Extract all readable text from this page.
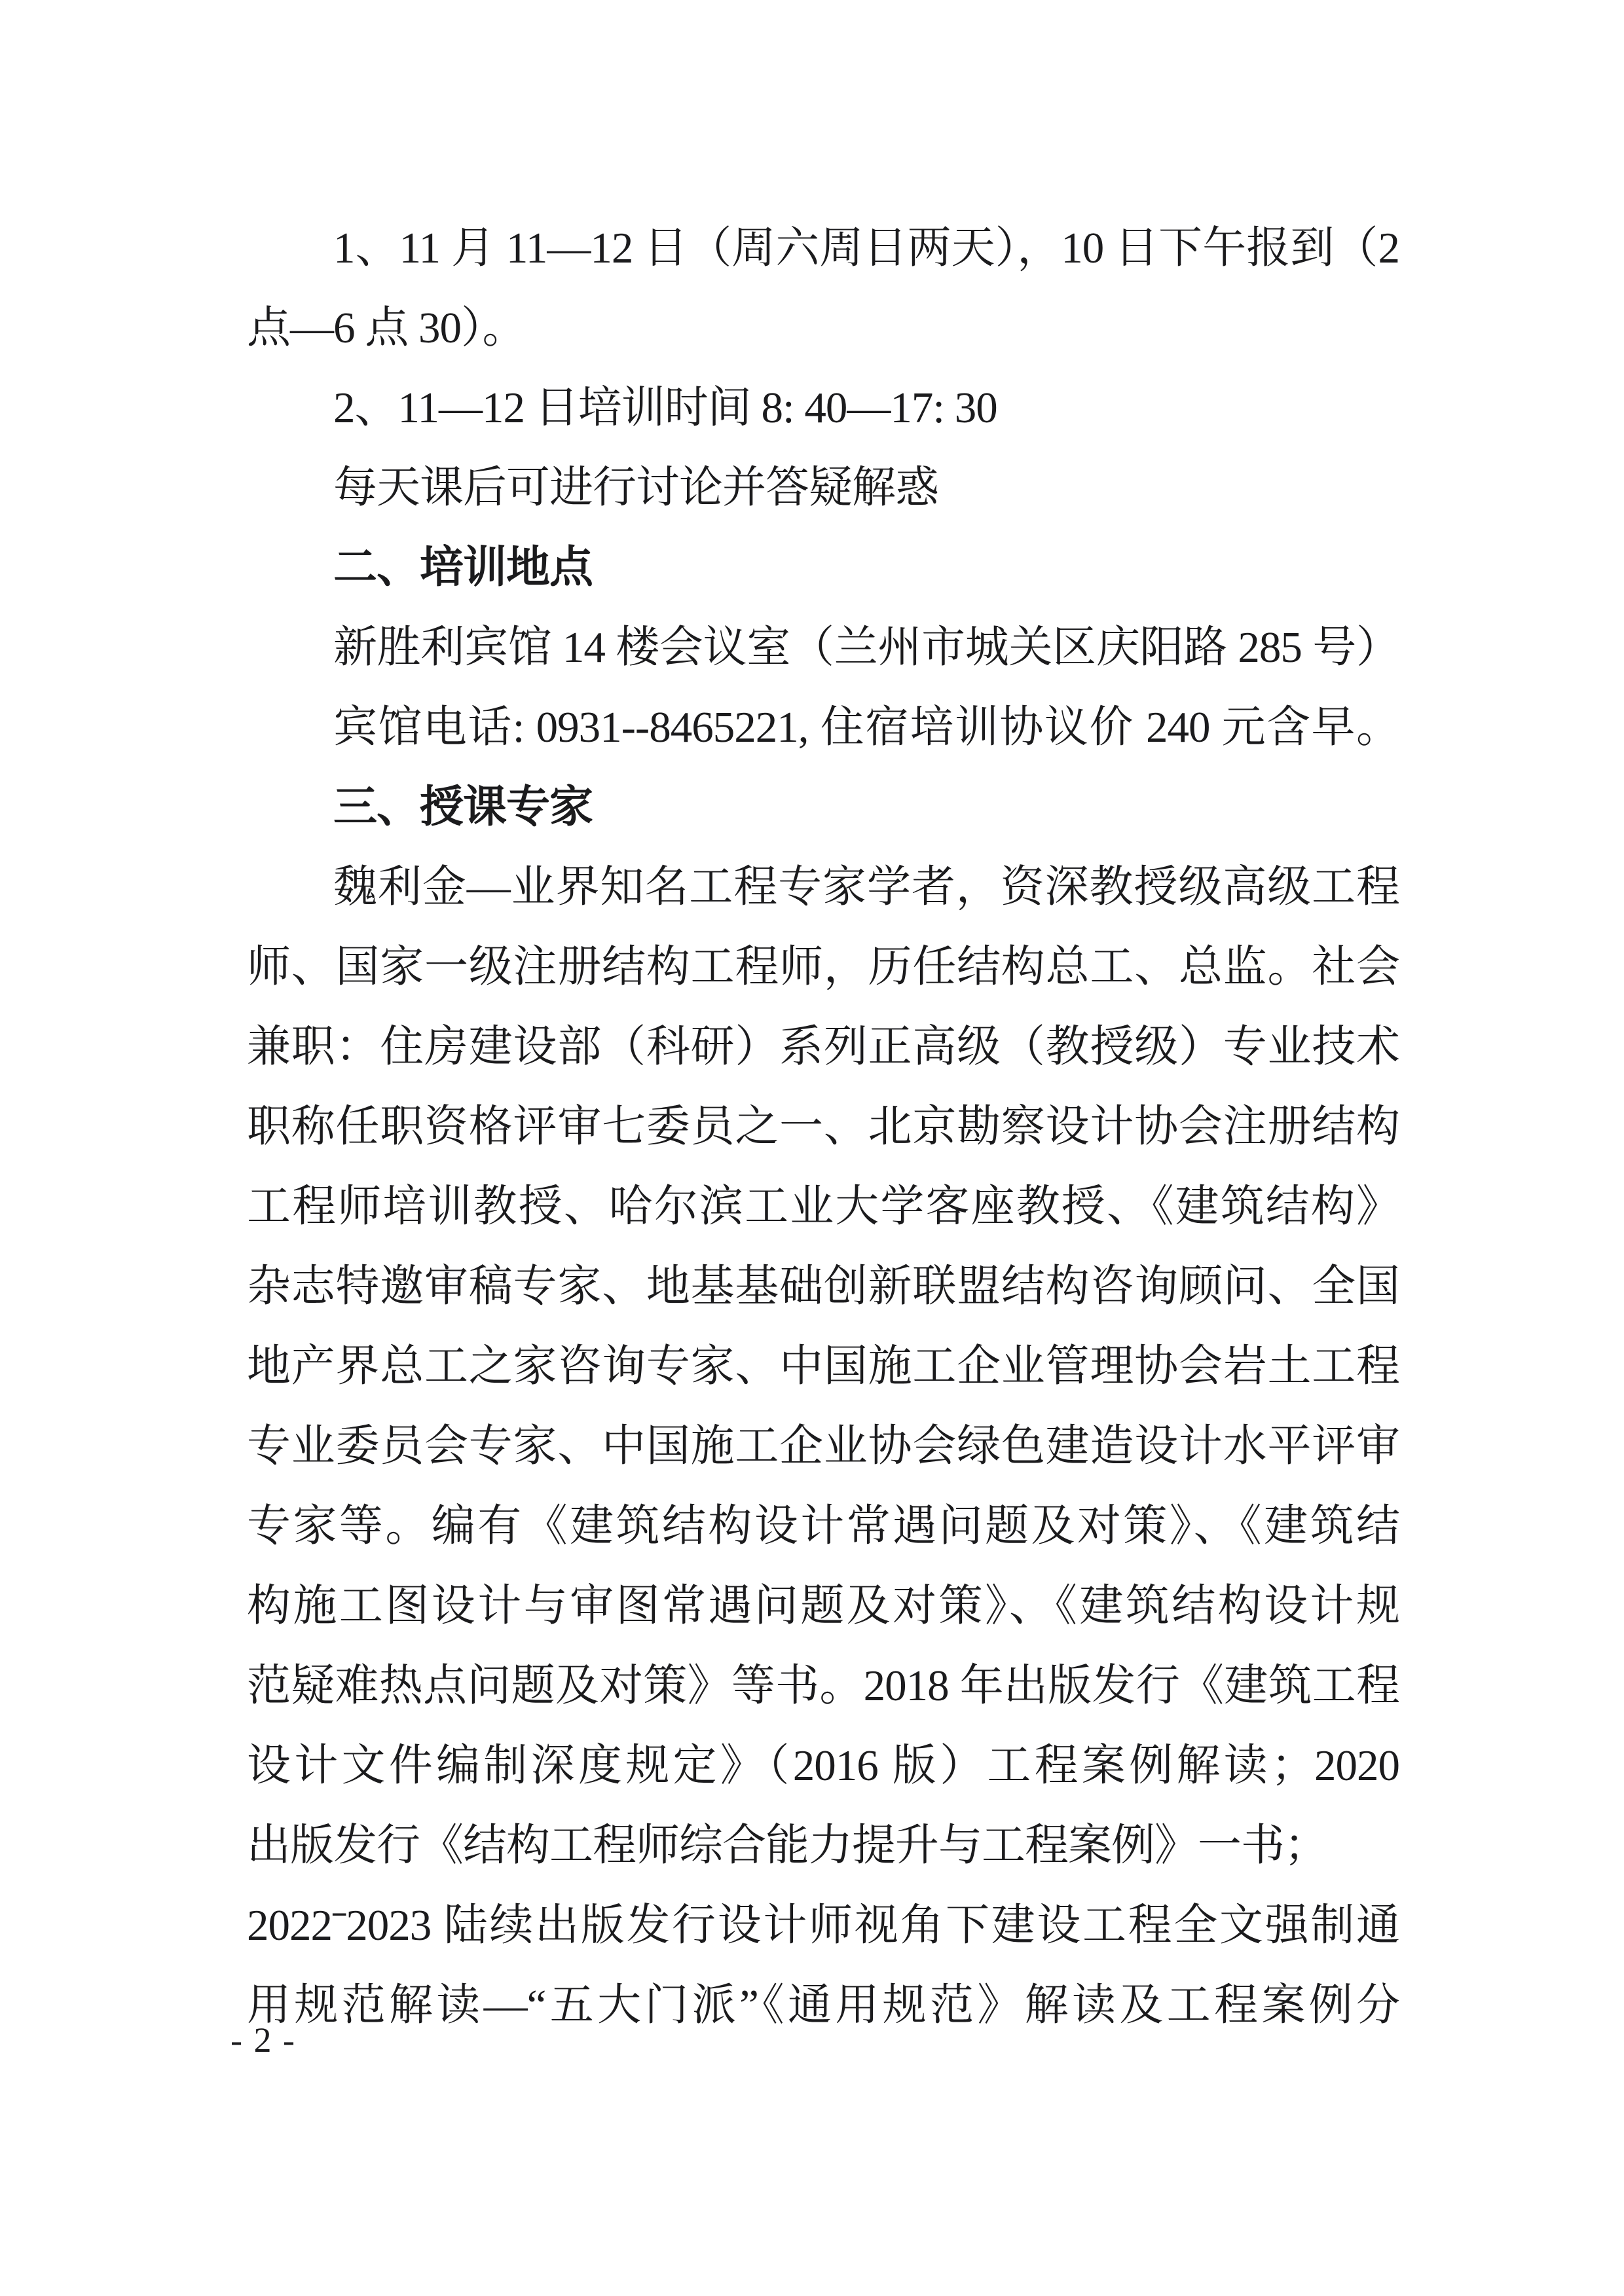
1、11 月 11—12 日（周六周日两天），10 日下午报到（2
点—6 点 30）。
2、11—12 日培训时间 8: 40—17: 30
每天课后可进行讨论并答疑解惑
二、培训地点
新胜利宾馆 14 楼会议室（兰州市城关区庆阳路 285 号）
宾馆电话: 0931--8465221, 住宿培训协议价 240 元含早。
三、授课专家
魏利金—业界知名工程专家学者，资深教授级高级工程
师、国家一级注册结构工程师，历任结构总工、总监。社会
兼职：住房建设部（科研）系列正高级（教授级）专业技术
职称任职资格评审七委员之一、北京勘察设计协会注册结构
工程师培训教授、哈尔滨工业大学客座教授、《建筑结构》
杂志特邀审稿专家、地基基础创新联盟结构咨询顾问、全国
地产界总工之家咨询专家、中国施工企业管理协会岩土工程
专业委员会专家、中国施工企业协会绿色建造设计水平评审
专家等。编有《建筑结构设计常遇问题及对策》、《建筑结
构施工图设计与审图常遇问题及对策》、《建筑结构设计规
范疑难热点问题及对策》等书。2018 年出版发行《建筑工程
设计文件编制深度规定》（2016 版）工程案例解读；2020
出版发行《结构工程师综合能力提升与工程案例》一书；
2022ˉ2023 陆续出版发行设计师视角下建设工程全文强制通
用规范解读—“五大门派”《通用规范》解读及工程案例分
- 2 -
